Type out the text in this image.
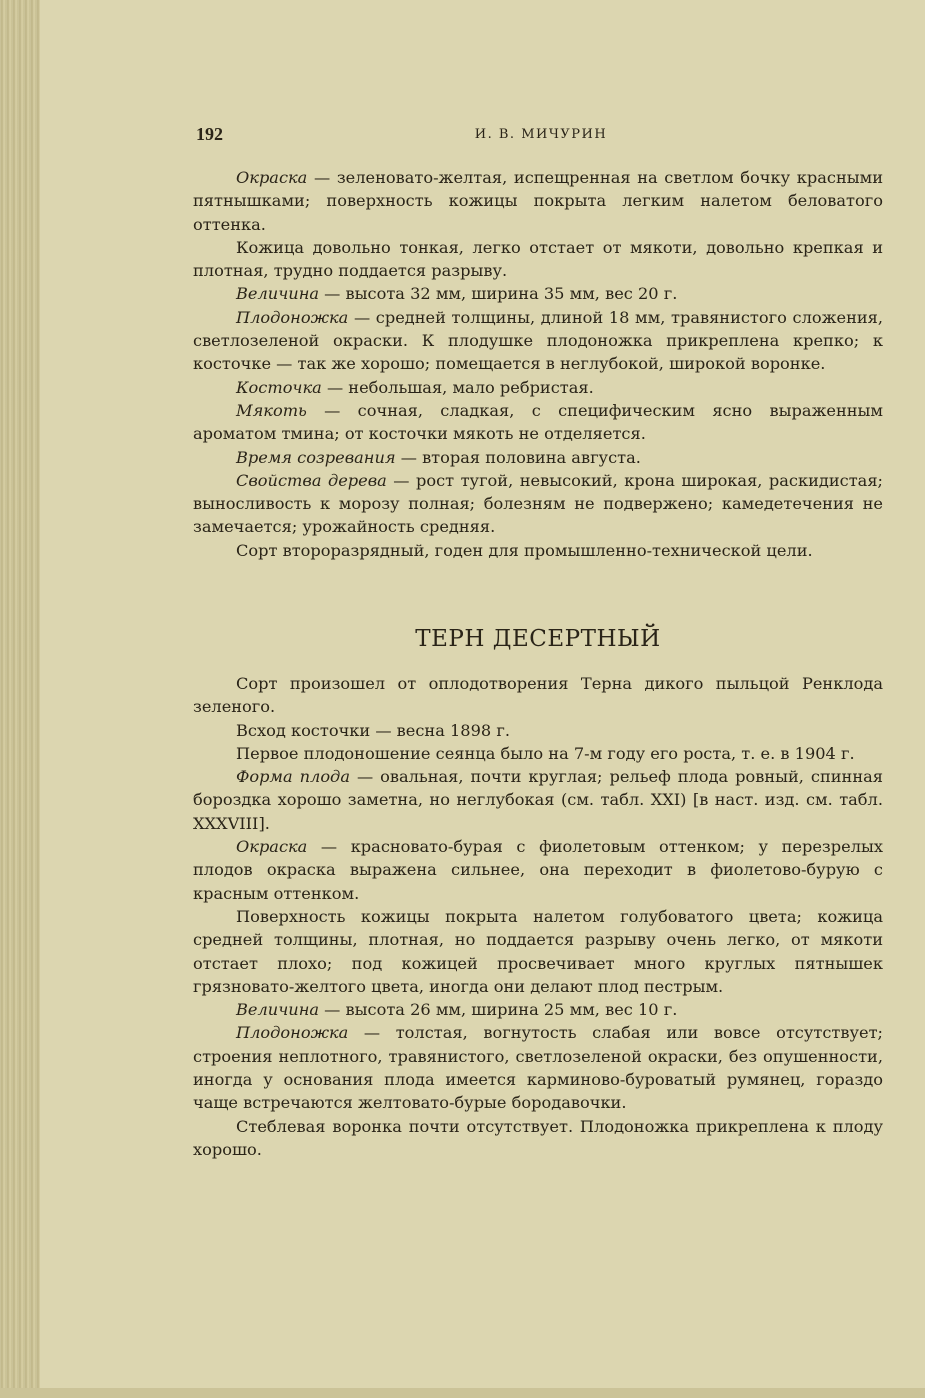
192	И. В. МИЧУРИН

Окраска — зеленовато-желтая, испещренная на светлом бочку красными пятнышками; поверхность кожицы покрыта легким налетом беловатого оттенка.

Кожица довольно тонкая, легко отстает от мякоти, довольно крепкая и плотная, трудно поддается разрыву.

Величина — высота 32 мм, ширина 35 мм, вес 20 г.

Плодоножка — средней толщины, длиной 18 мм, травянистого сложения, светлозеленой окраски. К плодушке плодоножка прикреплена крепко; к косточке — так же хорошо; помещается в неглубокой, широкой воронке.

Косточка — небольшая, мало ребристая.

Мякоть — сочная, сладкая, с специфическим ясно выраженным ароматом тмина; от косточки мякоть не отделяется.

Время созревания — вторая половина августа.

Свойства дерева — рост тугой, невысокий, крона широкая, раскидистая; выносливость к морозу полная; болезням не подвержено; камедетечения не замечается; урожайность средняя.

Сорт второразрядный, годен для промышленно-технической цели.

ТЕРН ДЕСЕРТНЫЙ

Сорт произошел от оплодотворения Терна дикого пыльцой Ренклода зеленого.

Всход косточки — весна 1898 г.

Первое плодоношение сеянца было на 7-м году его роста, т. е. в 1904 г.

Форма плода — овальная, почти круглая; рельеф плода ровный, спинная бороздка хорошо заметна, но неглубокая (см. табл. XXI) [в наст. изд. см. табл. XXXVIII].

Окраска — красновато-бурая с фиолетовым оттенком; у перезрелых плодов окраска выражена сильнее, она переходит в фиолетово-бурую с красным оттенком.

Поверхность кожицы покрыта налетом голубоватого цвета; кожица средней толщины, плотная, но поддается разрыву очень легко, от мякоти отстает плохо; под кожицей просвечивает много круглых пятнышек грязновато-желтого цвета, иногда они делают плод пестрым.

Величина — высота 26 мм, ширина 25 мм, вес 10 г.

Плодоножка — толстая, вогнутость слабая или вовсе отсутствует; строения неплотного, травянистого, светлозеленой окраски, без опушенности, иногда у основания плода имеется карминово-буроватый румянец, гораздо чаще встречаются желтовато-бурые бородавочки.

Стеблевая воронка почти отсутствует. Плодоножка прикреплена к плоду хорошо.
